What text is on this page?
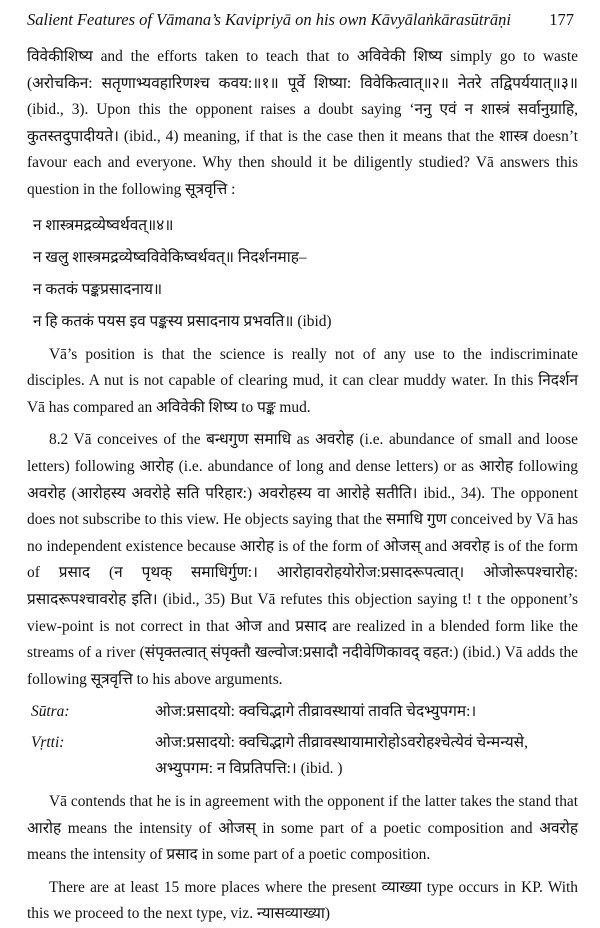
Salient Features of Vāmana’s Kavipriyā on his own Kāvyālaṅkārasūtrāṇi 177

विवेकीशिष्य and the efforts taken to teach that to अविवेकी शिष्य simply go to waste (अरोचकिन: सतृणाभ्यवहारिणश्च कवय:॥१॥ पूर्वे शिष्या: विवेकित्वात्॥२॥ नेतरे तद्विपर्ययात्॥३॥ (ibid., 3). Upon this the opponent raises a doubt saying ‘ननु एवं न शास्त्रं सर्वानुग्राहि, कुतस्तदुपादीयते। (ibid., 4) meaning, if that is the case then it means that the शास्त्र doesn’t favour each and everyone. Why then should it be diligently studied? Vā answers this question in the following सूत्रवृत्ति :

न शास्त्रमद्रव्येष्वर्थवत्॥४॥

न खलु शास्त्रमद्रव्येष्वविवेकिष्वर्थवत्॥ निदर्शनमाह–

न कतकं पङ्कप्रसादनाय॥

न हि कतकं पयस इव पङ्कस्य प्रसादनाय प्रभवति॥ (ibid)

Vā’s position is that the science is really not of any use to the indiscriminate disciples. A nut is not capable of clearing mud, it can clear muddy water. In this निदर्शन Vā has compared an अविवेकी शिष्य to पङ्क mud.

8.2 Vā conceives of the बन्धगुण समाधि as अवरोह (i.e. abundance of small and loose letters) following आरोह (i.e. abundance of long and dense letters) or as आरोह following अवरोह (आरोहस्य अवरोहे सति परिहार:) अवरोहस्य वा आरोहे सतीति। ibid., 34). The opponent does not subscribe to this view. He objects saying that the समाधि गुण conceived by Vā has no independent existence because आरोह is of the form of ओजस् and अवरोह is of the form of प्रसाद (न पृथक् समाधिर्गुण:। आरोहावरोहयोरोज:प्रसादरूपत्वात्। ओजोरूपश्चारोह: प्रसादरूपश्चावरोह इति। (ibid., 35) But Vā refutes this objection saying t! t the opponent’s view-point is not correct in that ओज and प्रसाद are realized in a blended form like the streams of a river (संपृक्तत्वात् संपृक्तौ खल्वोज:प्रसादौ नदीवेणिकावद् वहत:) (ibid.) Vā adds the following सूत्रवृत्ति to his above arguments.

Sūtra:	ओज:प्रसादयो: क्वचिद्भागे तीव्रावस्थायां तावति चेदभ्युपगम:।
Vṛtti:	ओज:प्रसादयो: क्वचिद्भागे तीव्रावस्थायामारोहोऽवरोहश्चेत्येवं चेन्मन्यसे,
अभ्युपगम: न विप्रतिपत्ति:। (ibid. )

Vā contends that he is in agreement with the opponent if the latter takes the stand that आरोह means the intensity of ओजस् in some part of a poetic composition and अवरोह means the intensity of प्रसाद in some part of a poetic composition.

There are at least 15 more places where the present व्याख्या type occurs in KP. With this we proceed to the next type, viz. न्यासव्याख्या)
